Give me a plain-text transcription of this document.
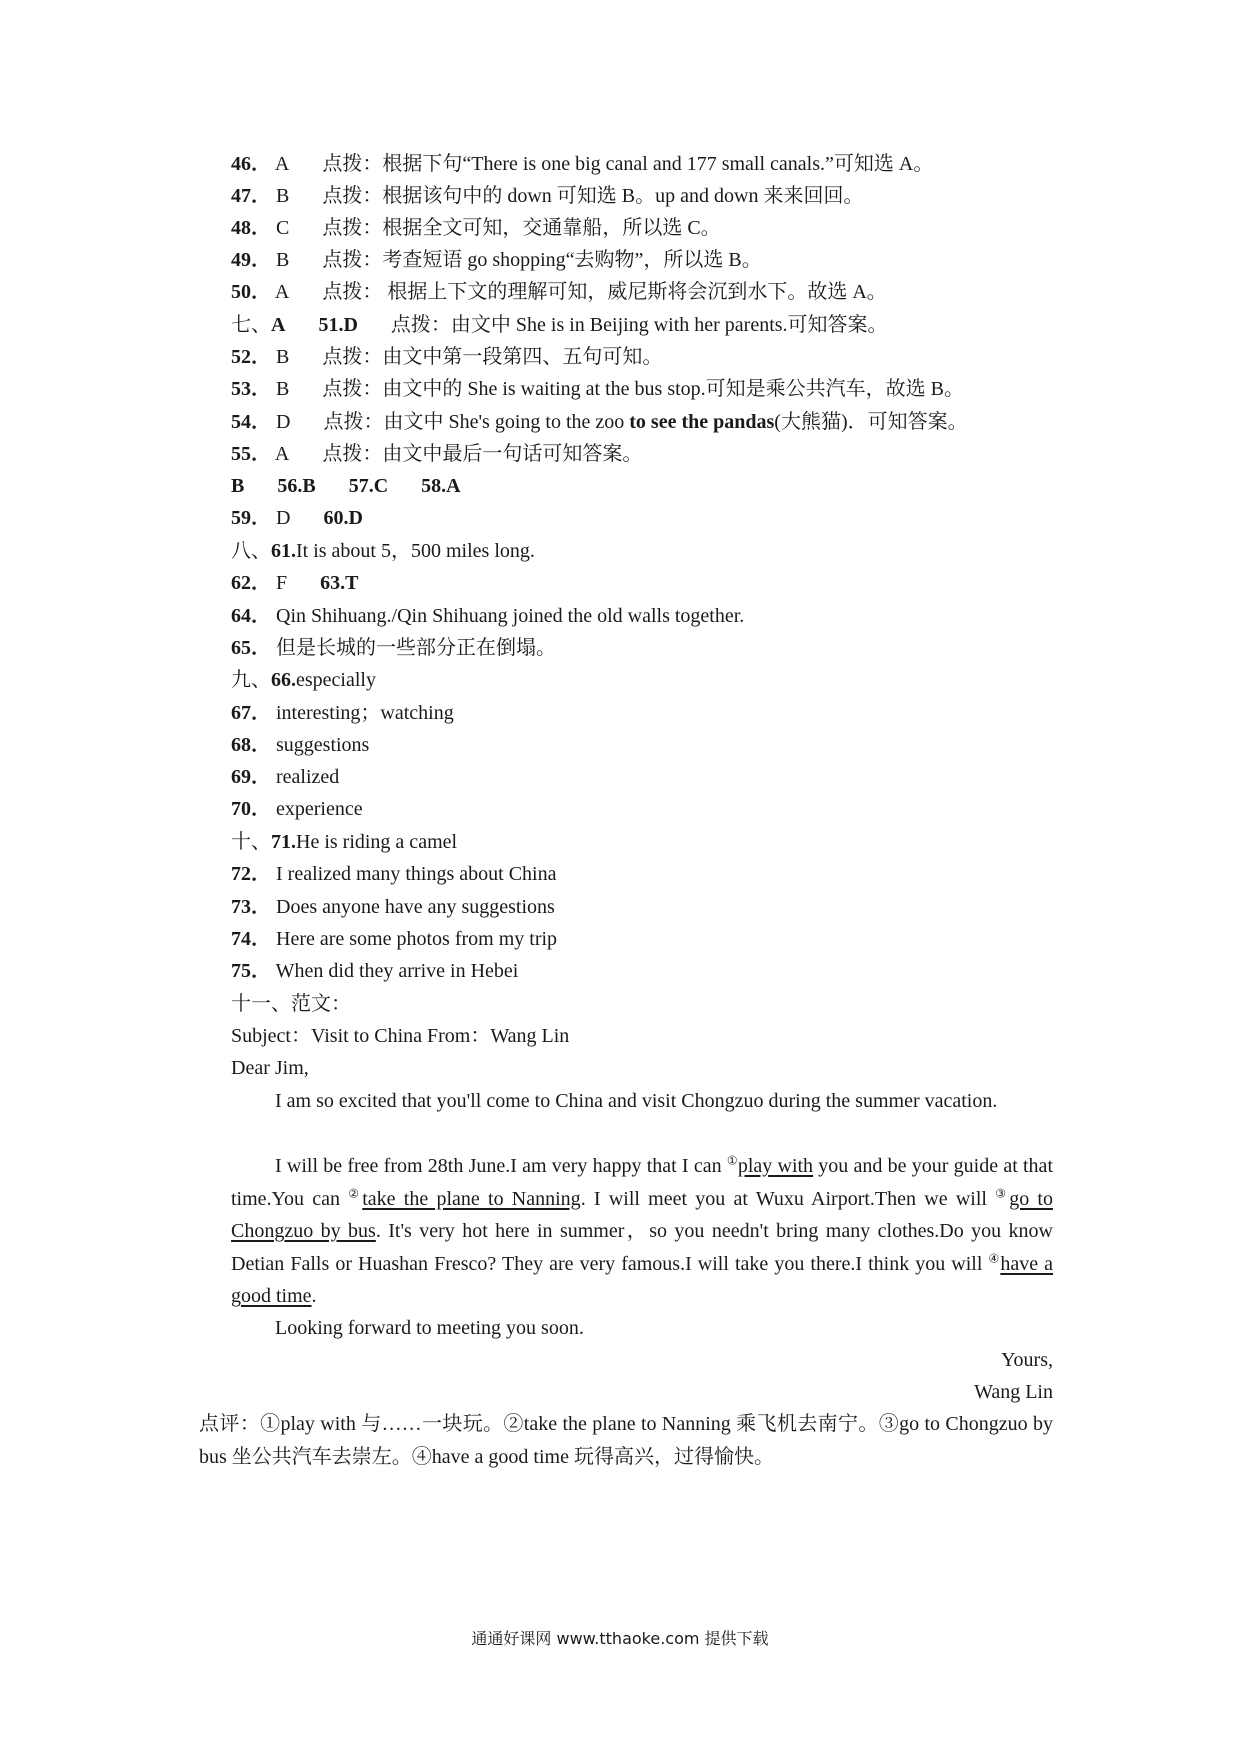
46． A 点拨：根据下句“There is one big canal and 177 small canals.”可知选 A。
47． B 点拨：根据该句中的 down 可知选 B。up and down 来来回回。
48． C 点拨：根据全文可知，交通靠船，所以选 C。
49． B 点拨：考查短语 go shopping“去购物”，所以选 B。
50． A 点拨： 根据上下文的理解可知，威尼斯将会沉到水下。故选 A。
七、A 51.D 点拨：由文中 She is in Beijing with her parents.可知答案。
52． B 点拨：由文中第一段第四、五句可知。
53． B 点拨：由文中的 She is waiting at the bus stop.可知是乘公共汽车，故选 B。
54． D 点拨：由文中 She's going to the zoo to see the pandas(大熊猫)．可知答案。
55． A 点拨：由文中最后一句话可知答案。
B 56.B 57.C 58.A
59． D 60.D
八、61.It is about 5，500 miles long.
62． F 63.T
64． Qin Shihuang./Qin Shihuang joined the old walls together.
65． 但是长城的一些部分正在倒塌。
九、66.especially
67． interesting；watching
68． suggestions
69． realized
70． experience
十、71.He is riding a camel
72． I realized many things about China
73． Does anyone have any suggestions
74． Here are some photos from my trip
75． When did they arrive in Hebei
十一、范文：
Subject：Visit to China From：Wang Lin
Dear Jim,
I am so excited that you'll come to China and visit Chongzuo during the summer vacation.
I will be free from 28th June.I am very happy that I can ①play with you and be your guide at that time.You can ②take the plane to Nanning. I will meet you at Wuxu Airport.Then we will ③go to Chongzuo by bus. It's very hot here in summer，so you needn't bring many clothes.Do you know Detian Falls or Huashan Fresco? They are very famous.I will take you there.I think you will ④have a good time.
Looking forward to meeting you soon.
Yours,
Wang Lin
点评：①play with 与……一块玩。②take the plane to Nanning 乘飞机去南宁。③go to Chongzuo by bus 坐公共汽车去崇左。④have a good time 玩得高兴，过得愉快。
通通好课网 www.tthaoke.com 提供下载
